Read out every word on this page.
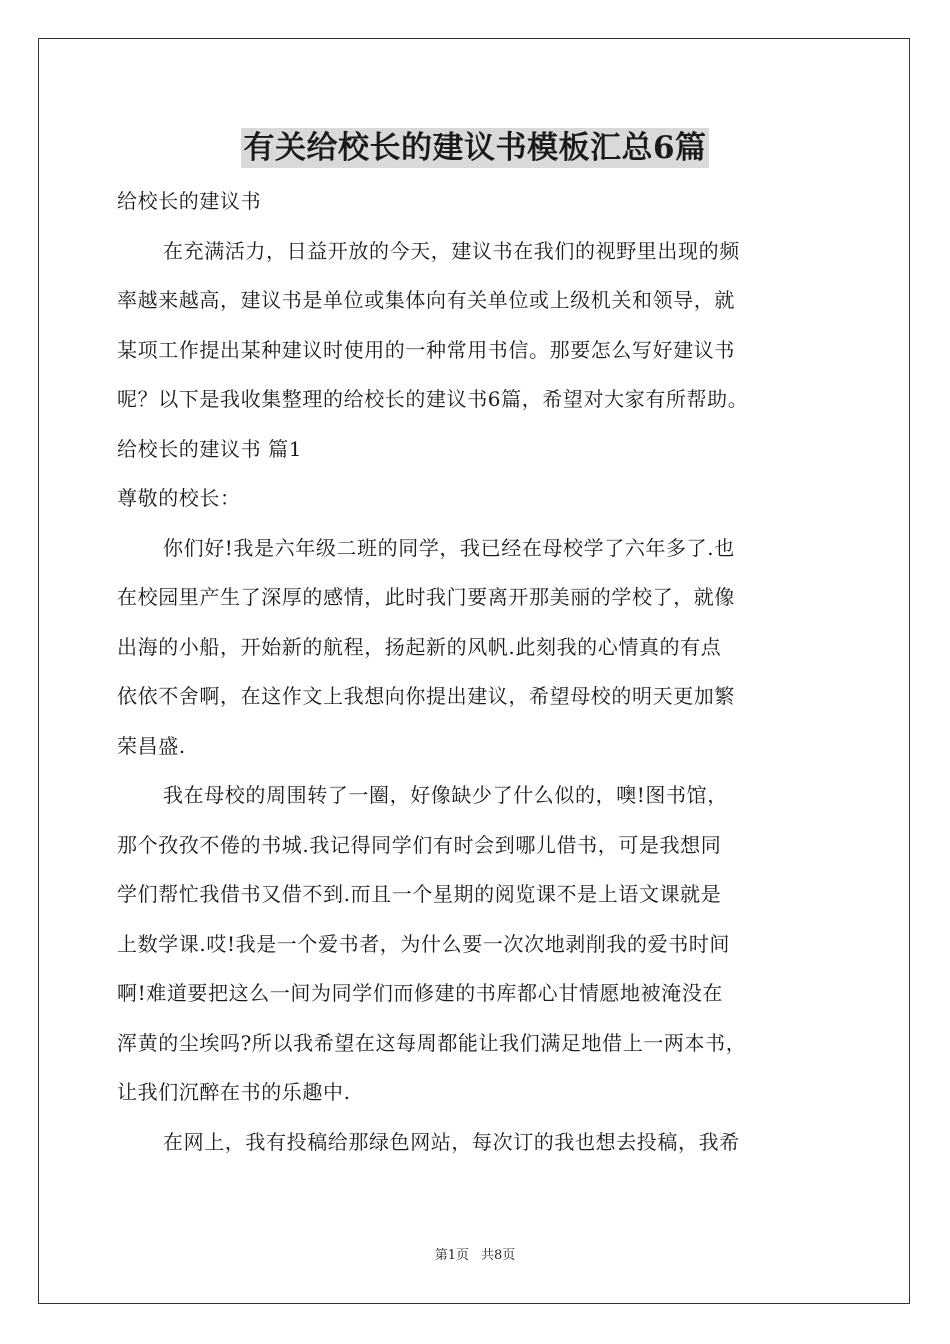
有关给校长的建议书模板汇总6篇

给校长的建议书

在充满活力，日益开放的今天，建议书在我们的视野里出现的频

率越来越高，建议书是单位或集体向有关单位或上级机关和领导，就

某项工作提出某种建议时使用的一种常用书信。那要怎么写好建议书

呢？以下是我收集整理的给校长的建议书6篇，希望对大家有所帮助。

给校长的建议书 篇1

尊敬的校长：

你们好!我是六年级二班的同学，我已经在母校学了六年多了.也

在校园里产生了深厚的感情，此时我门要离开那美丽的学校了，就像

出海的小船，开始新的航程，扬起新的风帆.此刻我的心情真的有点

依依不舍啊，在这作文上我想向你提出建议，希望母校的明天更加繁

荣昌盛.

我在母校的周围转了一圈，好像缺少了什么似的，噢!图书馆，

那个孜孜不倦的书城.我记得同学们有时会到哪儿借书，可是我想同

学们帮忙我借书又借不到.而且一个星期的阅览课不是上语文课就是

上数学课.哎!我是一个爱书者，为什么要一次次地剥削我的爱书时间

啊!难道要把这么一间为同学们而修建的书库都心甘情愿地被淹没在

浑黄的尘埃吗?所以我希望在这每周都能让我们满足地借上一两本书，

让我们沉醉在书的乐趣中.

在网上，我有投稿给那绿色网站，每次订的我也想去投稿，我希

第1页 共8页
